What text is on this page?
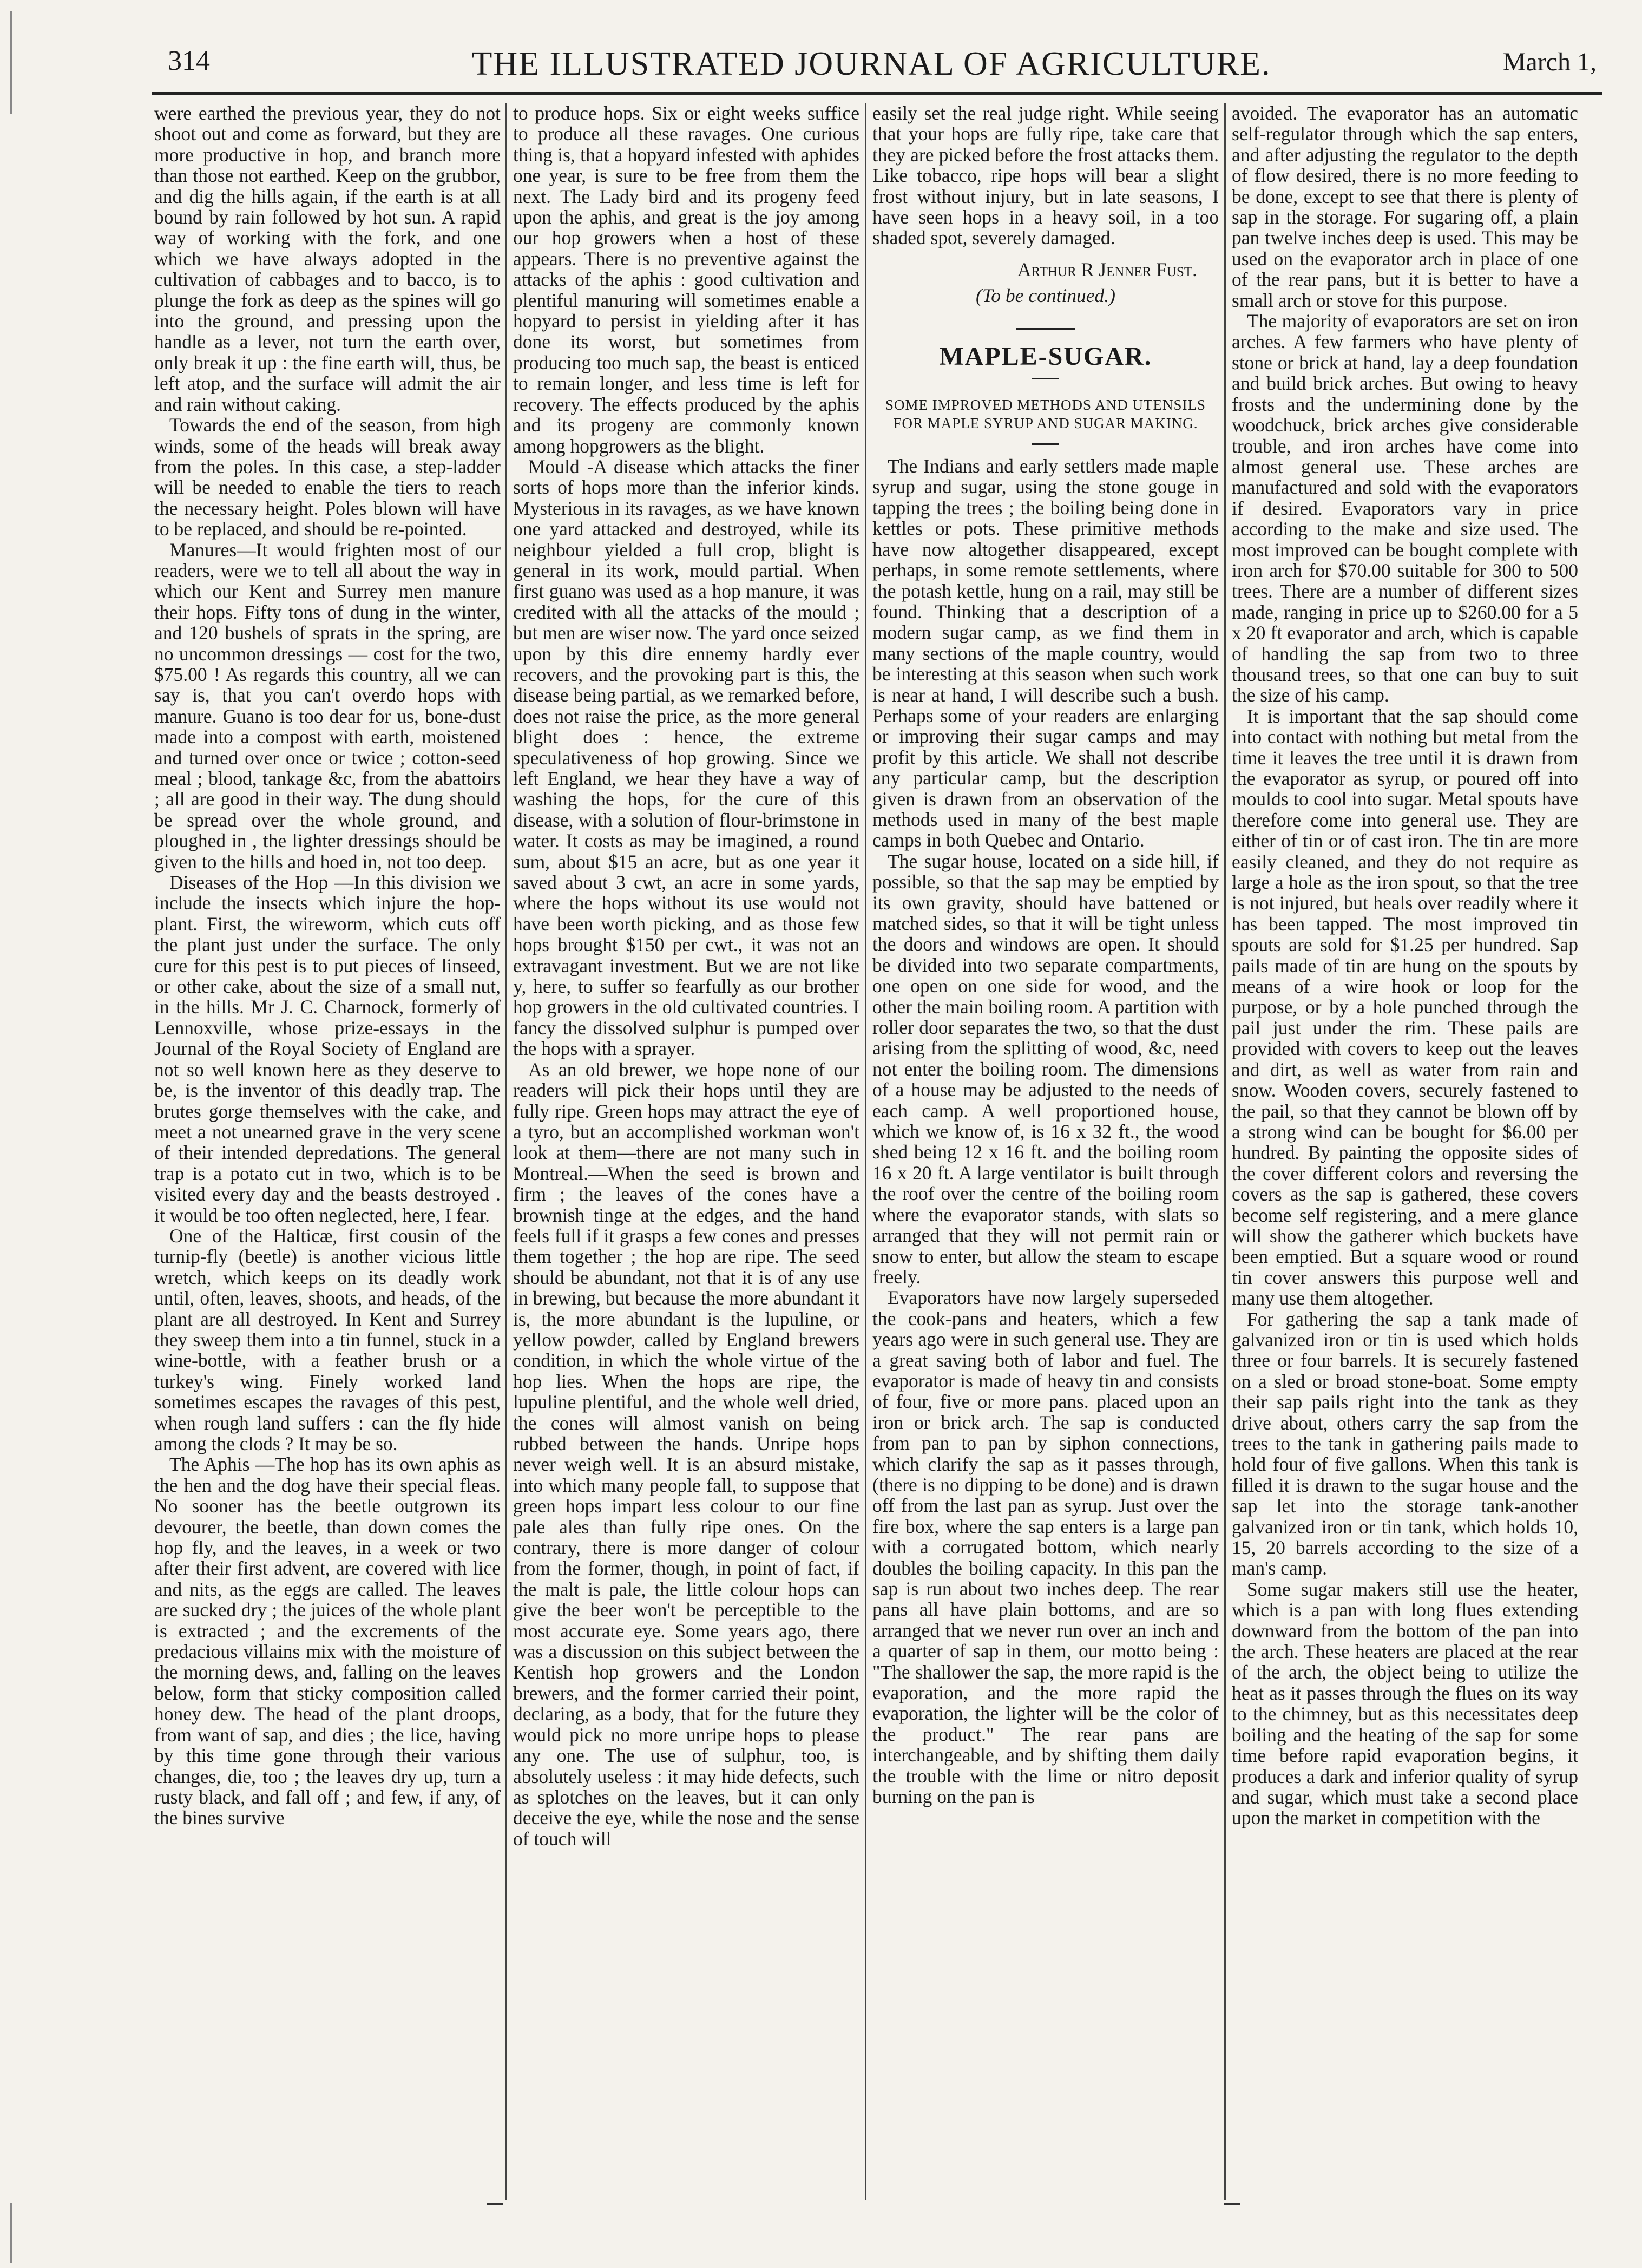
314	THE ILLUSTRATED JOURNAL OF AGRICULTURE.	March 1,

were earthed the previous year, they do not shoot out and come as forward, but they are more productive in hop, and branch more than those not earthed. Keep on the grubbor, and dig the hills again, if the earth is at all bound by rain followed by hot sun. A rapid way of working with the fork, and one which we have always adopted in the cultivation of cabbages and to bacco, is to plunge the fork as deep as the spines will go into the ground, and pressing upon the handle as a lever, not turn the earth over, only break it up : the fine earth will, thus, be left atop, and the surface will admit the air and rain without caking.

Towards the end of the season, from high winds, some of the heads will break away from the poles. In this case, a step-ladder will be needed to enable the tiers to reach the necessary height. Poles blown will have to be replaced, and should be re-pointed.

Manures—It would frighten most of our readers, were we to tell all about the way in which our Kent and Surrey men manure their hops. Fifty tons of dung in the winter, and 120 bushels of sprats in the spring, are no uncommon dressings — cost for the two, $75.00 ! As regards this country, all we can say is, that you can't overdo hops with manure. Guano is too dear for us, bone-dust made into a compost with earth, moistened and turned over once or twice ; cotton-seed meal ; blood, tankage &c, from the abattoirs ; all are good in their way. The dung should be spread over the whole ground, and ploughed in , the lighter dressings should be given to the hills and hoed in, not too deep.

Diseases of the Hop —In this division we include the insects which injure the hop-plant. First, the wireworm, which cuts off the plant just under the surface. The only cure for this pest is to put pieces of linseed, or other cake, about the size of a small nut, in the hills. Mr J. C. Charnock, formerly of Lennoxville, whose prize-essays in the Journal of the Royal Society of England are not so well known here as they deserve to be, is the inventor of this deadly trap. The brutes gorge themselves with the cake, and meet a not unearned grave in the very scene of their intended depredations. The general trap is a potato cut in two, which is to be visited every day and the beasts destroyed . it would be too often neglected, here, I fear.

One of the Halticæ, first cousin of the turnip-fly (beetle) is another vicious little wretch, which keeps on its deadly work until, often, leaves, shoots, and heads, of the plant are all destroyed. In Kent and Surrey they sweep them into a tin funnel, stuck in a wine-bottle, with a feather brush or a turkey's wing. Finely worked land sometimes escapes the ravages of this pest, when rough land suffers : can the fly hide among the clods ? It may be so.

The Aphis —The hop has its own aphis as the hen and the dog have their special fleas. No sooner has the beetle outgrown its devourer, the beetle, than down comes the hop fly, and the leaves, in a week or two after their first advent, are covered with lice and nits, as the eggs are called. The leaves are sucked dry ; the juices of the whole plant is extracted ; and the excrements of the predacious villains mix with the moisture of the morning dews, and, falling on the leaves below, form that sticky composition called honey dew. The head of the plant droops, from want of sap, and dies ; the lice, having by this time gone through their various changes, die, too ; the leaves dry up, turn a rusty black, and fall off ; and few, if any, of the bines survive

to produce hops. Six or eight weeks suffice to produce all these ravages. One curious thing is, that a hopyard infested with aphides one year, is sure to be free from them the next. The Lady bird and its progeny feed upon the aphis, and great is the joy among our hop growers when a host of these appears. There is no preventive against the attacks of the aphis : good cultivation and plentiful manuring will sometimes enable a hopyard to persist in yielding after it has done its worst, but sometimes from producing too much sap, the beast is enticed to remain longer, and less time is left for recovery. The effects produced by the aphis and its progeny are commonly known among hopgrowers as the blight.

Mould -A disease which attacks the finer sorts of hops more than the inferior kinds. Mysterious in its ravages, as we have known one yard attacked and destroyed, while its neighbour yielded a full crop, blight is general in its work, mould partial. When first guano was used as a hop manure, it was credited with all the attacks of the mould ; but men are wiser now. The yard once seized upon by this dire ennemy hardly ever recovers, and the provoking part is this, the disease being partial, as we remarked before, does not raise the price, as the more general blight does : hence, the extreme speculativeness of hop growing. Since we left England, we hear they have a way of washing the hops, for the cure of this disease, with a solution of flour-brimstone in water. It costs as may be imagined, a round sum, about $15 an acre, but as one year it saved about 3 cwt, an acre in some yards, where the hops without its use would not have been worth picking, and as those few hops brought $150 per cwt., it was not an extravagant investment. But we are not like y, here, to suffer so fearfully as our brother hop growers in the old cultivated countries. I fancy the dissolved sulphur is pumped over the hops with a sprayer.

As an old brewer, we hope none of our readers will pick their hops until they are fully ripe. Green hops may attract the eye of a tyro, but an accomplished workman won't look at them—there are not many such in Montreal.—When the seed is brown and firm ; the leaves of the cones have a brownish tinge at the edges, and the hand feels full if it grasps a few cones and presses them together ; the hop are ripe. The seed should be abundant, not that it is of any use in brewing, but because the more abundant it is, the more abundant is the lupuline, or yellow powder, called by England brewers condition, in which the whole virtue of the hop lies. When the hops are ripe, the lupuline plentiful, and the whole well dried, the cones will almost vanish on being rubbed between the hands. Unripe hops never weigh well. It is an absurd mistake, into which many people fall, to suppose that green hops impart less colour to our fine pale ales than fully ripe ones. On the contrary, there is more danger of colour from the former, though, in point of fact, if the malt is pale, the little colour hops can give the beer won't be perceptible to the most accurate eye. Some years ago, there was a discussion on this subject between the Kentish hop growers and the London brewers, and the former carried their point, declaring, as a body, that for the future they would pick no more unripe hops to please any one. The use of sulphur, too, is absolutely useless : it may hide defects, such as splotches on the leaves, but it can only deceive the eye, while the nose and the sense of touch will

easily set the real judge right. While seeing that your hops are fully ripe, take care that they are picked before the frost attacks them. Like tobacco, ripe hops will bear a slight frost without injury, but in late seasons, I have seen hops in a heavy soil, in a too shaded spot, severely damaged.

Arthur R Jenner Fust.

(To be continued.)

MAPLE-SUGAR.

SOME IMPROVED METHODS AND UTENSILS FOR MAPLE SYRUP AND SUGAR MAKING.

The Indians and early settlers made maple syrup and sugar, using the stone gouge in tapping the trees ; the boiling being done in kettles or pots. These primitive methods have now altogether disappeared, except perhaps, in some remote settlements, where the potash kettle, hung on a rail, may still be found. Thinking that a description of a modern sugar camp, as we find them in many sections of the maple country, would be interesting at this season when such work is near at hand, I will describe such a bush. Perhaps some of your readers are enlarging or improving their sugar camps and may profit by this article. We shall not describe any particular camp, but the description given is drawn from an observation of the methods used in many of the best maple camps in both Quebec and Ontario.

The sugar house, located on a side hill, if possible, so that the sap may be emptied by its own gravity, should have battened or matched sides, so that it will be tight unless the doors and windows are open. It should be divided into two separate compartments, one open on one side for wood, and the other the main boiling room. A partition with roller door separates the two, so that the dust arising from the splitting of wood, &c, need not enter the boiling room. The dimensions of a house may be adjusted to the needs of each camp. A well proportioned house, which we know of, is 16 x 32 ft., the wood shed being 12 x 16 ft. and the boiling room 16 x 20 ft. A large ventilator is built through the roof over the centre of the boiling room where the evaporator stands, with slats so arranged that they will not permit rain or snow to enter, but allow the steam to escape freely.

Evaporators have now largely superseded the cook-pans and heaters, which a few years ago were in such general use. They are a great saving both of labor and fuel. The evaporator is made of heavy tin and consists of four, five or more pans. placed upon an iron or brick arch. The sap is conducted from pan to pan by siphon connections, which clarify the sap as it passes through, (there is no dipping to be done) and is drawn off from the last pan as syrup. Just over the fire box, where the sap enters is a large pan with a corrugated bottom, which nearly doubles the boiling capacity. In this pan the sap is run about two inches deep. The rear pans all have plain bottoms, and are so arranged that we never run over an inch and a quarter of sap in them, our motto being : "The shallower the sap, the more rapid is the evaporation, and the more rapid the evaporation, the lighter will be the color of the product." The rear pans are interchangeable, and by shifting them daily the trouble with the lime or nitro deposit burning on the pan is

avoided. The evaporator has an automatic self-regulator through which the sap enters, and after adjusting the regulator to the depth of flow desired, there is no more feeding to be done, except to see that there is plenty of sap in the storage. For sugaring off, a plain pan twelve inches deep is used. This may be used on the evaporator arch in place of one of the rear pans, but it is better to have a small arch or stove for this purpose.

The majority of evaporators are set on iron arches. A few farmers who have plenty of stone or brick at hand, lay a deep foundation and build brick arches. But owing to heavy frosts and the undermining done by the woodchuck, brick arches give considerable trouble, and iron arches have come into almost general use. These arches are manufactured and sold with the evaporators if desired. Evaporators vary in price according to the make and size used. The most improved can be bought complete with iron arch for $70.00 suitable for 300 to 500 trees. There are a number of different sizes made, ranging in price up to $260.00 for a 5 x 20 ft evaporator and arch, which is capable of handling the sap from two to three thousand trees, so that one can buy to suit the size of his camp.

It is important that the sap should come into contact with nothing but metal from the time it leaves the tree until it is drawn from the evaporator as syrup, or poured off into moulds to cool into sugar. Metal spouts have therefore come into general use. They are either of tin or of cast iron. The tin are more easily cleaned, and they do not require as large a hole as the iron spout, so that the tree is not injured, but heals over readily where it has been tapped. The most improved tin spouts are sold for $1.25 per hundred. Sap pails made of tin are hung on the spouts by means of a wire hook or loop for the purpose, or by a hole punched through the pail just under the rim. These pails are provided with covers to keep out the leaves and dirt, as well as water from rain and snow. Wooden covers, securely fastened to the pail, so that they cannot be blown off by a strong wind can be bought for $6.00 per hundred. By painting the opposite sides of the cover different colors and reversing the covers as the sap is gathered, these covers become self registering, and a mere glance will show the gatherer which buckets have been emptied. But a square wood or round tin cover answers this purpose well and many use them altogether.

For gathering the sap a tank made of galvanized iron or tin is used which holds three or four barrels. It is securely fastened on a sled or broad stone-boat. Some empty their sap pails right into the tank as they drive about, others carry the sap from the trees to the tank in gathering pails made to hold four of five gallons. When this tank is filled it is drawn to the sugar house and the sap let into the storage tank-another galvanized iron or tin tank, which holds 10, 15, 20 barrels according to the size of a man's camp.

Some sugar makers still use the heater, which is a pan with long flues extending downward from the bottom of the pan into the arch. These heaters are placed at the rear of the arch, the object being to utilize the heat as it passes through the flues on its way to the chimney, but as this necessitates deep boiling and the heating of the sap for some time before rapid evaporation begins, it produces a dark and inferior quality of syrup and sugar, which must take a second place upon the market in competition with the
